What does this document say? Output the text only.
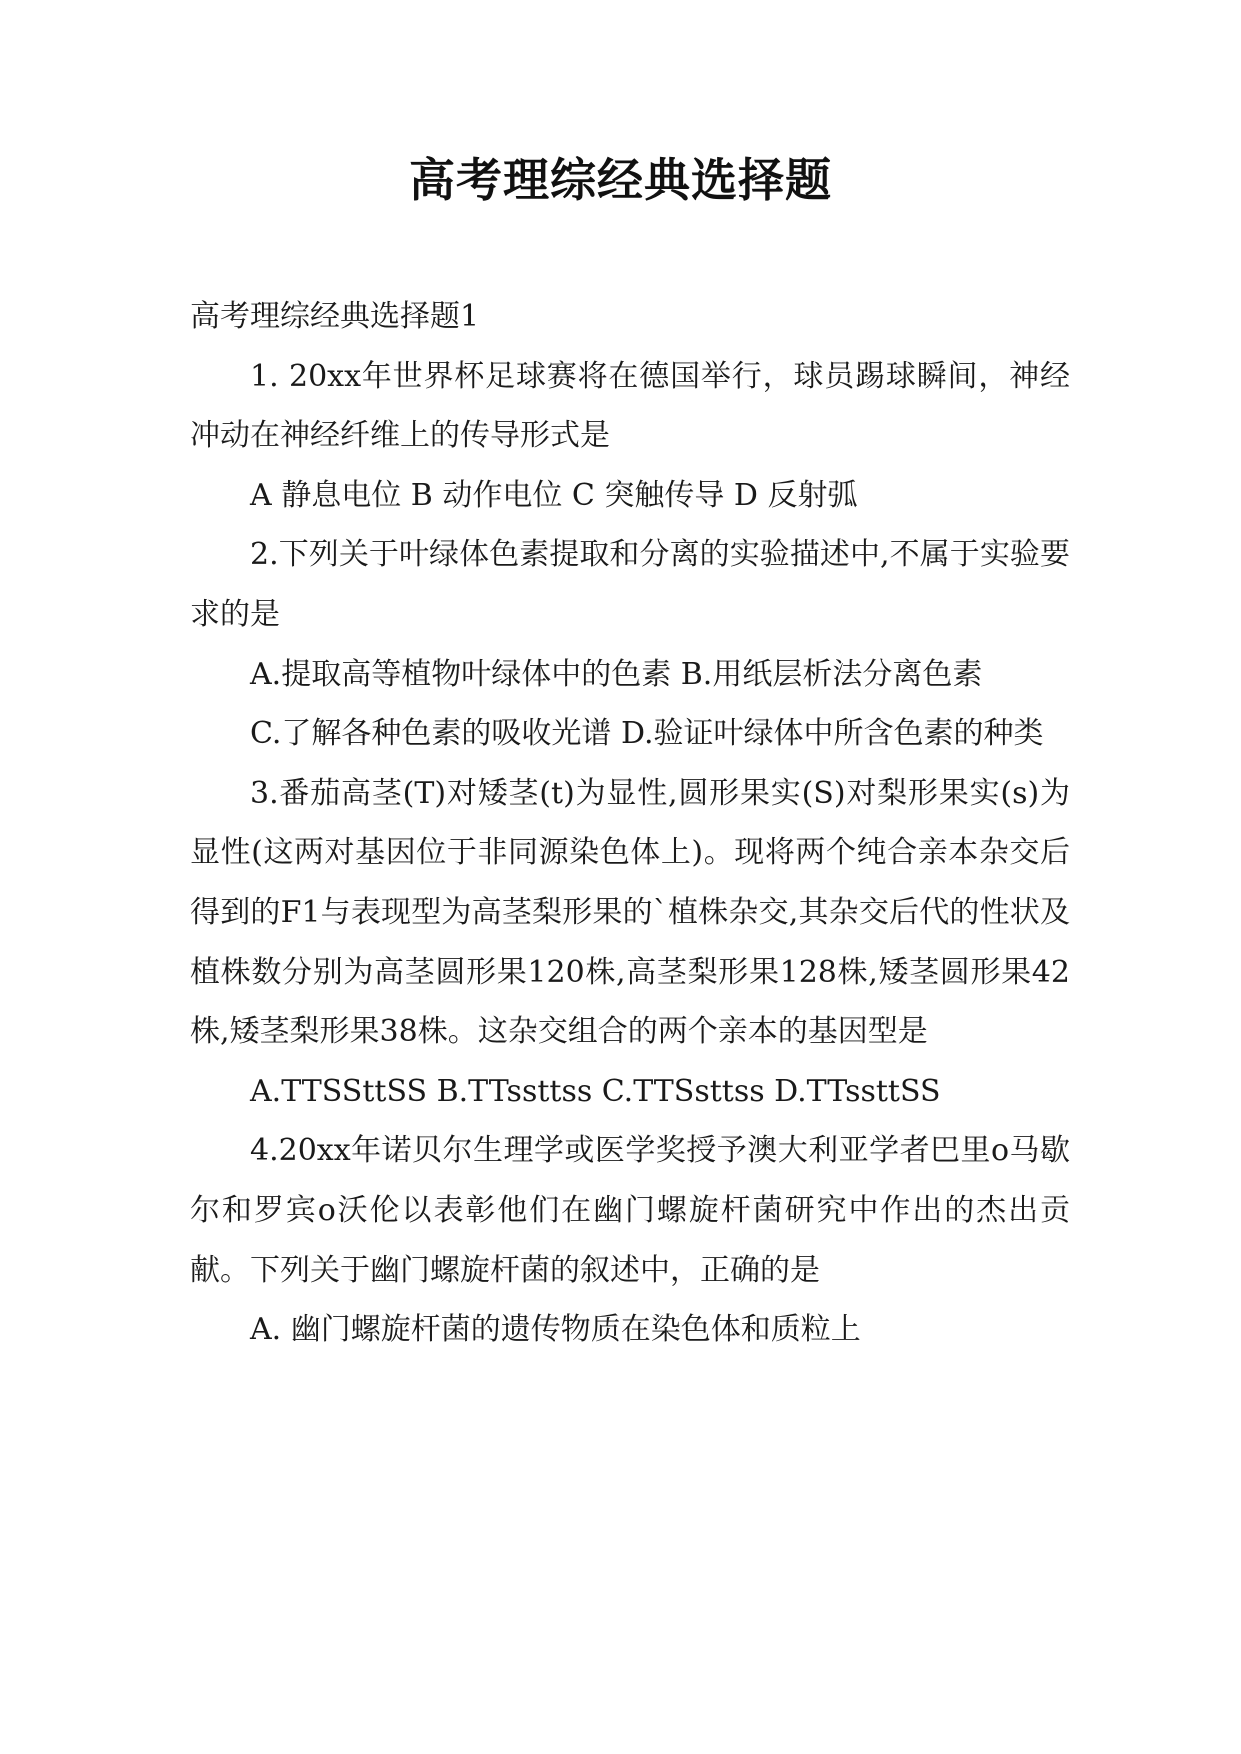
高考理综经典选择题

高考理综经典选择题1

1. 20xx年世界杯足球赛将在德国举行，球员踢球瞬间，神经冲动在神经纤维上的传导形式是

A 静息电位 B 动作电位 C 突触传导 D 反射弧

2.下列关于叶绿体色素提取和分离的实验描述中,不属于实验要求的是

A.提取高等植物叶绿体中的色素 B.用纸层析法分离色素

C.了解各种色素的吸收光谱 D.验证叶绿体中所含色素的种类

3.番茄高茎(T)对矮茎(t)为显性,圆形果实(S)对梨形果实(s)为显性(这两对基因位于非同源染色体上)。现将两个纯合亲本杂交后得到的F1与表现型为高茎梨形果的`植株杂交,其杂交后代的性状及植株数分别为高茎圆形果120株,高茎梨形果128株,矮茎圆形果42株,矮茎梨形果38株。这杂交组合的两个亲本的基因型是

A.TTSSttSS B.TTssttss C.TTSsttss D.TTssttSS

4.20xx年诺贝尔生理学或医学奖授予澳大利亚学者巴里o马歇尔和罗宾o沃伦以表彰他们在幽门螺旋杆菌研究中作出的杰出贡献。下列关于幽门螺旋杆菌的叙述中，正确的是

A. 幽门螺旋杆菌的遗传物质在染色体和质粒上
